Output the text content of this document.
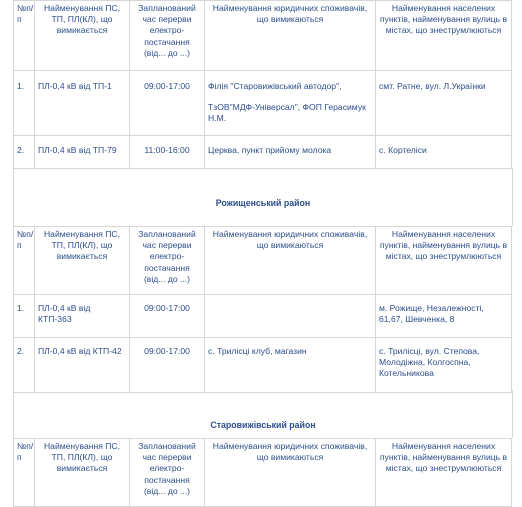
№п/п	Найменування ПС, ТП, ПЛ(КЛ), що вимикається	Запланований час перерви електро-постачання (від... до ...)	Найменування юридичних споживачів, що вимикаються	Найменування населених пунктів, найменування вулиць в містах, що знеструмлюються
1.	ПЛ-0,4 кВ від ТП-1	09:00-17:00	Філія "Старовижівський автодор",
ТзОВ"МДФ-Універсал", ФОП Герасимук Н.М.	смт. Ратне, вул. Л.Українки
2.	ПЛ-0,4 кВ від ТП-79	11:00-16:00	Церква, пункт прийому молока	с. Кортеліси
Рожищенський район
№п/п	Найменування ПС, ТП, ПЛ(КЛ), що вимикається	Запланований час перерви електро-постачання (від... до ...)	Найменування юридичних споживачів, що вимикаються	Найменування населених пунктів, найменування вулиць в містах, що знеструмлюються
1.	ПЛ-0,4 кВ від КТП-363	09:00-17:00		м. Рожище, Незалежності, 61,67, Шевченка, 8
2.	ПЛ-0,4 кВ від КТП-42	09:00-17:00	с. Трилісці клуб, магазин	с. Трилісці, вул. Степова, Молодіжна, Колгоспна, Котельникова
Старовижівський район
№п/п	Найменування ПС, ТП, ПЛ(КЛ), що вимикається	Запланований час перерви електро-постачання (від... до ...)	Найменування юридичних споживачів, що вимикаються	Найменування населених пунктів, найменування вулиць в містах, що знеструмлюються
